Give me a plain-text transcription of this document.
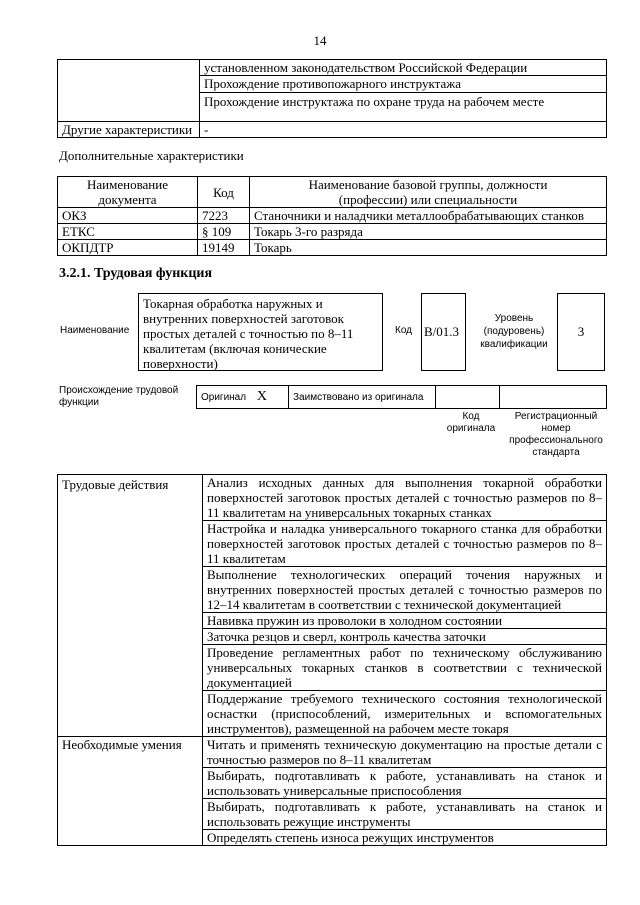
14

	установленном законодательством Российской Федерации
Прохождение противопожарного инструктажа
Прохождение инструктажа по охране труда на рабочем месте

Другие характеристики	-
Дополнительные характеристики
Наименование документа	Код	Наименование базовой группы, должности (профессии) или специальности
ОКЗ	7223	Станочники и наладчики металлообрабатывающих станков
ЕТКС	§ 109	Токарь 3-го разряда
ОКПДТР	19149	Токарь
3.2.1. Трудовая функция
Наименование
Токарная обработка наружных и внутренних поверхностей заготовок простых деталей с точностью по 8–11 квалитетам (включая конические поверхности)
Код B/01.3
Уровень (подуровень) квалификации
3
Происхождение трудовой функции	Оригинал X	Заимствовано из оригинала		
Код оригинала
Регистрационный номер профессионального стандарта
Трудовые действия	Анализ исходных данных для выполнения токарной обработки поверхностей заготовок простых деталей с точностью размеров по 8–11 квалитетам на универсальных токарных станках
	Настройка и наладка универсального токарного станка для обработки поверхностей заготовок простых деталей с точностью размеров по 8–11 квалитетам
	Выполнение технологических операций точения наружных и внутренних поверхностей простых деталей с точностью размеров по 12–14 квалитетам в соответствии с технической документацией
	Навивка пружин из проволоки в холодном состоянии
	Заточка резцов и сверл, контроль качества заточки
	Проведение регламентных работ по техническому обслуживанию универсальных токарных станков в соответствии с технической документацией
	Поддержание требуемого технического состояния технологической оснастки (приспособлений, измерительных и вспомогательных инструментов), размещенной на рабочем месте токаря
Необходимые умения	Читать и применять техническую документацию на простые детали с точностью размеров по 8–11 квалитетам
	Выбирать, подготавливать к работе, устанавливать на станок и использовать универсальные приспособления
	Выбирать, подготавливать к работе, устанавливать на станок и использовать режущие инструменты
	Определять степень износа режущих инструментов
